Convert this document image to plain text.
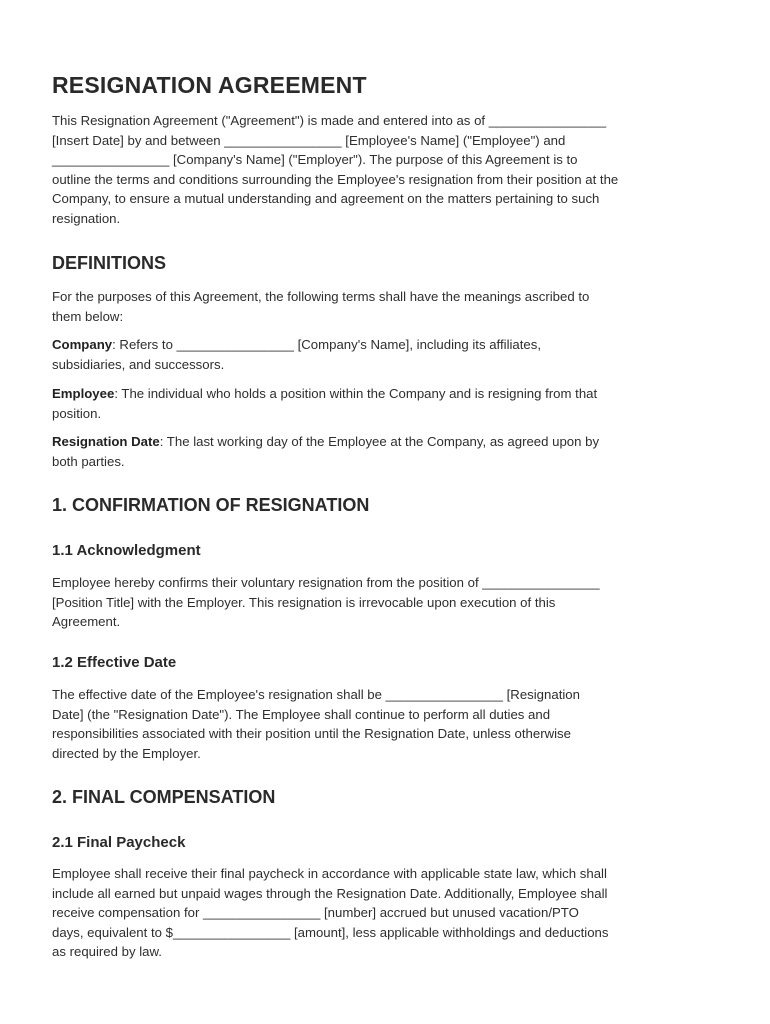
RESIGNATION AGREEMENT

This Resignation Agreement ("Agreement") is made and entered into as of ________________
[Insert Date] by and between ________________ [Employee's Name] ("Employee") and
________________ [Company's Name] ("Employer"). The purpose of this Agreement is to
outline the terms and conditions surrounding the Employee's resignation from their position at the
Company, to ensure a mutual understanding and agreement on the matters pertaining to such
resignation.

DEFINITIONS

For the purposes of this Agreement, the following terms shall have the meanings ascribed to
them below:

Company: Refers to ________________ [Company's Name], including its affiliates,
subsidiaries, and successors.

Employee: The individual who holds a position within the Company and is resigning from that
position.

Resignation Date: The last working day of the Employee at the Company, as agreed upon by
both parties.

1. CONFIRMATION OF RESIGNATION
1.1 Acknowledgment

Employee hereby confirms their voluntary resignation from the position of ________________
[Position Title] with the Employer. This resignation is irrevocable upon execution of this
Agreement.

1.2 Effective Date

The effective date of the Employee's resignation shall be ________________ [Resignation
Date] (the "Resignation Date"). The Employee shall continue to perform all duties and
responsibilities associated with their position until the Resignation Date, unless otherwise
directed by the Employer.

2. FINAL COMPENSATION
2.1 Final Paycheck

Employee shall receive their final paycheck in accordance with applicable state law, which shall
include all earned but unpaid wages through the Resignation Date. Additionally, Employee shall
receive compensation for ________________ [number] accrued but unused vacation/PTO
days, equivalent to $________________ [amount], less applicable withholdings and deductions
as required by law.
